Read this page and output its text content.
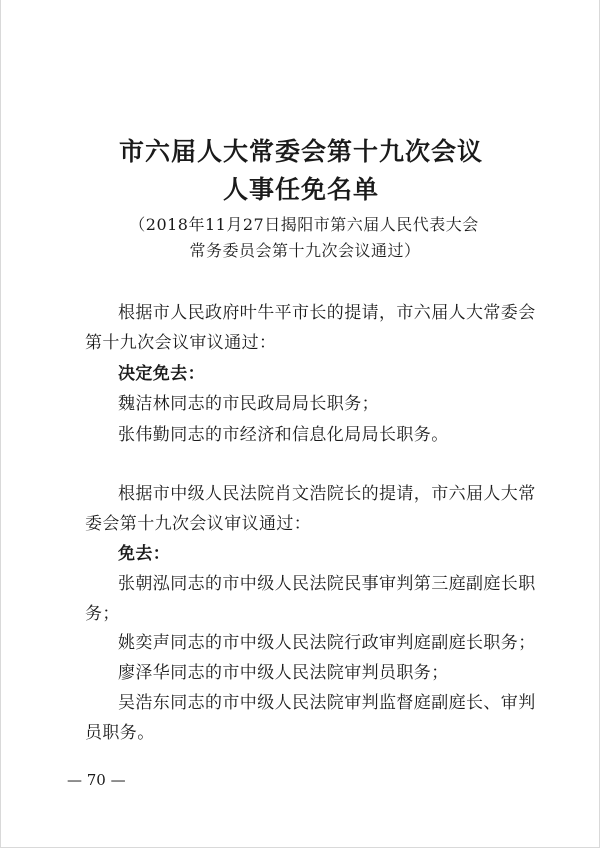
市六届人大常委会第十九次会议
人事任免名单
（2018年11月27日揭阳市第六届人民代表大会
常务委员会第十九次会议通过）
根据市人民政府叶牛平市长的提请，市六届人大常委会
第十九次会议审议通过：
决定免去：
魏洁林同志的市民政局局长职务；
张伟勤同志的市经济和信息化局局长职务。
根据市中级人民法院肖文浩院长的提请，市六届人大常
委会第十九次会议审议通过：
免去：
张朝泓同志的市中级人民法院民事审判第三庭副庭长职
务；
姚奕声同志的市中级人民法院行政审判庭副庭长职务；
廖泽华同志的市中级人民法院审判员职务；
吴浩东同志的市中级人民法院审判监督庭副庭长、审判
员职务。
— 70 —
